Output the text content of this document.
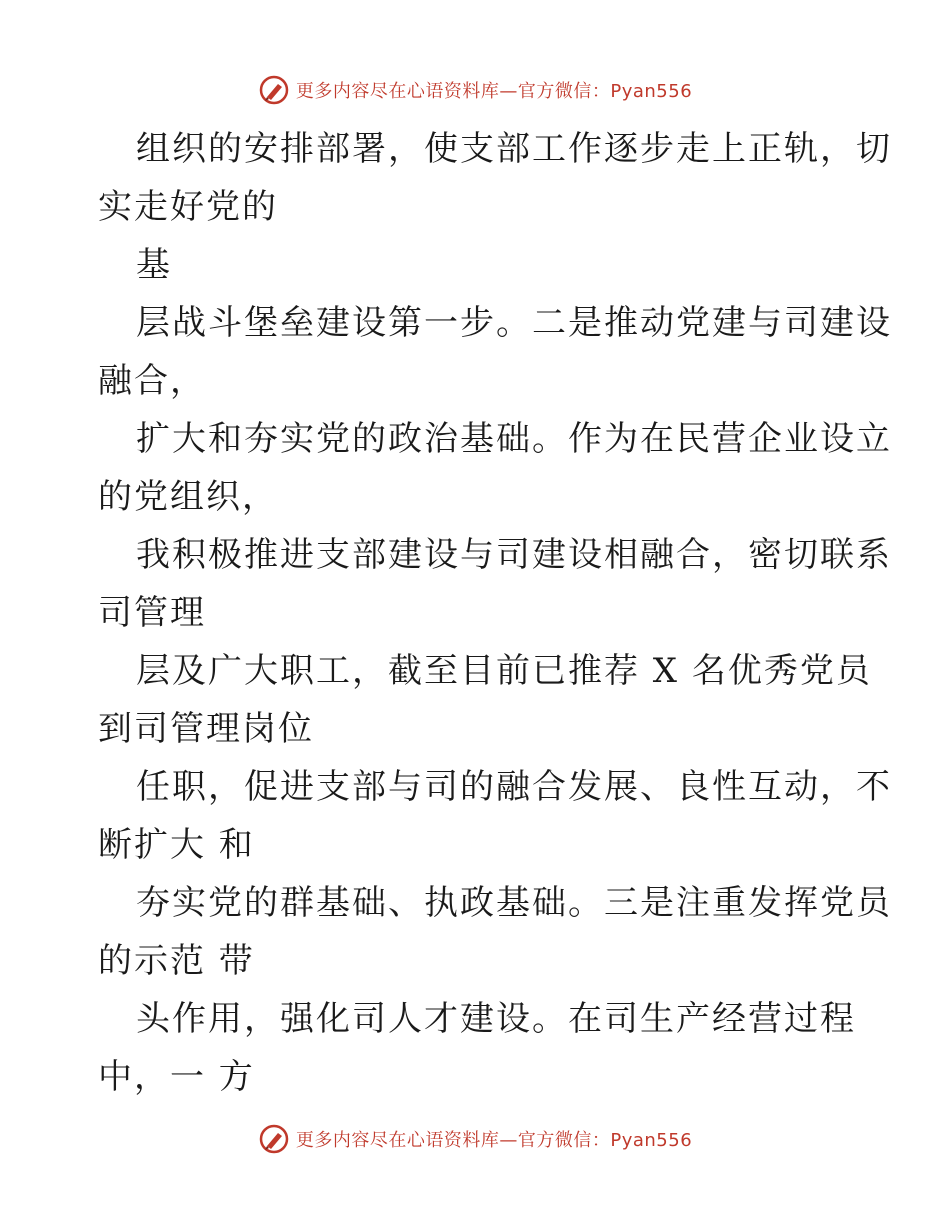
更多内容尽在心语资料库—官方微信：Pyan556
组织的安排部署，使支部工作逐步走上正轨，切
实走好党的
基
层战斗堡垒建设第一步。二是推动党建与司建设
融合，
扩大和夯实党的政治基础。作为在民营企业设立
的党组织，
我积极推进支部建设与司建设相融合，密切联系
司管理
层及广大职工，截至目前已推荐 X 名优秀党员
到司管理岗位
任职，促进支部与司的融合发展、良性互动，不
断扩大 和
夯实党的群基础、执政基础。三是注重发挥党员
的示范 带
头作用，强化司人才建设。在司生产经营过程
中，一 方
更多内容尽在心语资料库—官方微信：Pyan556
